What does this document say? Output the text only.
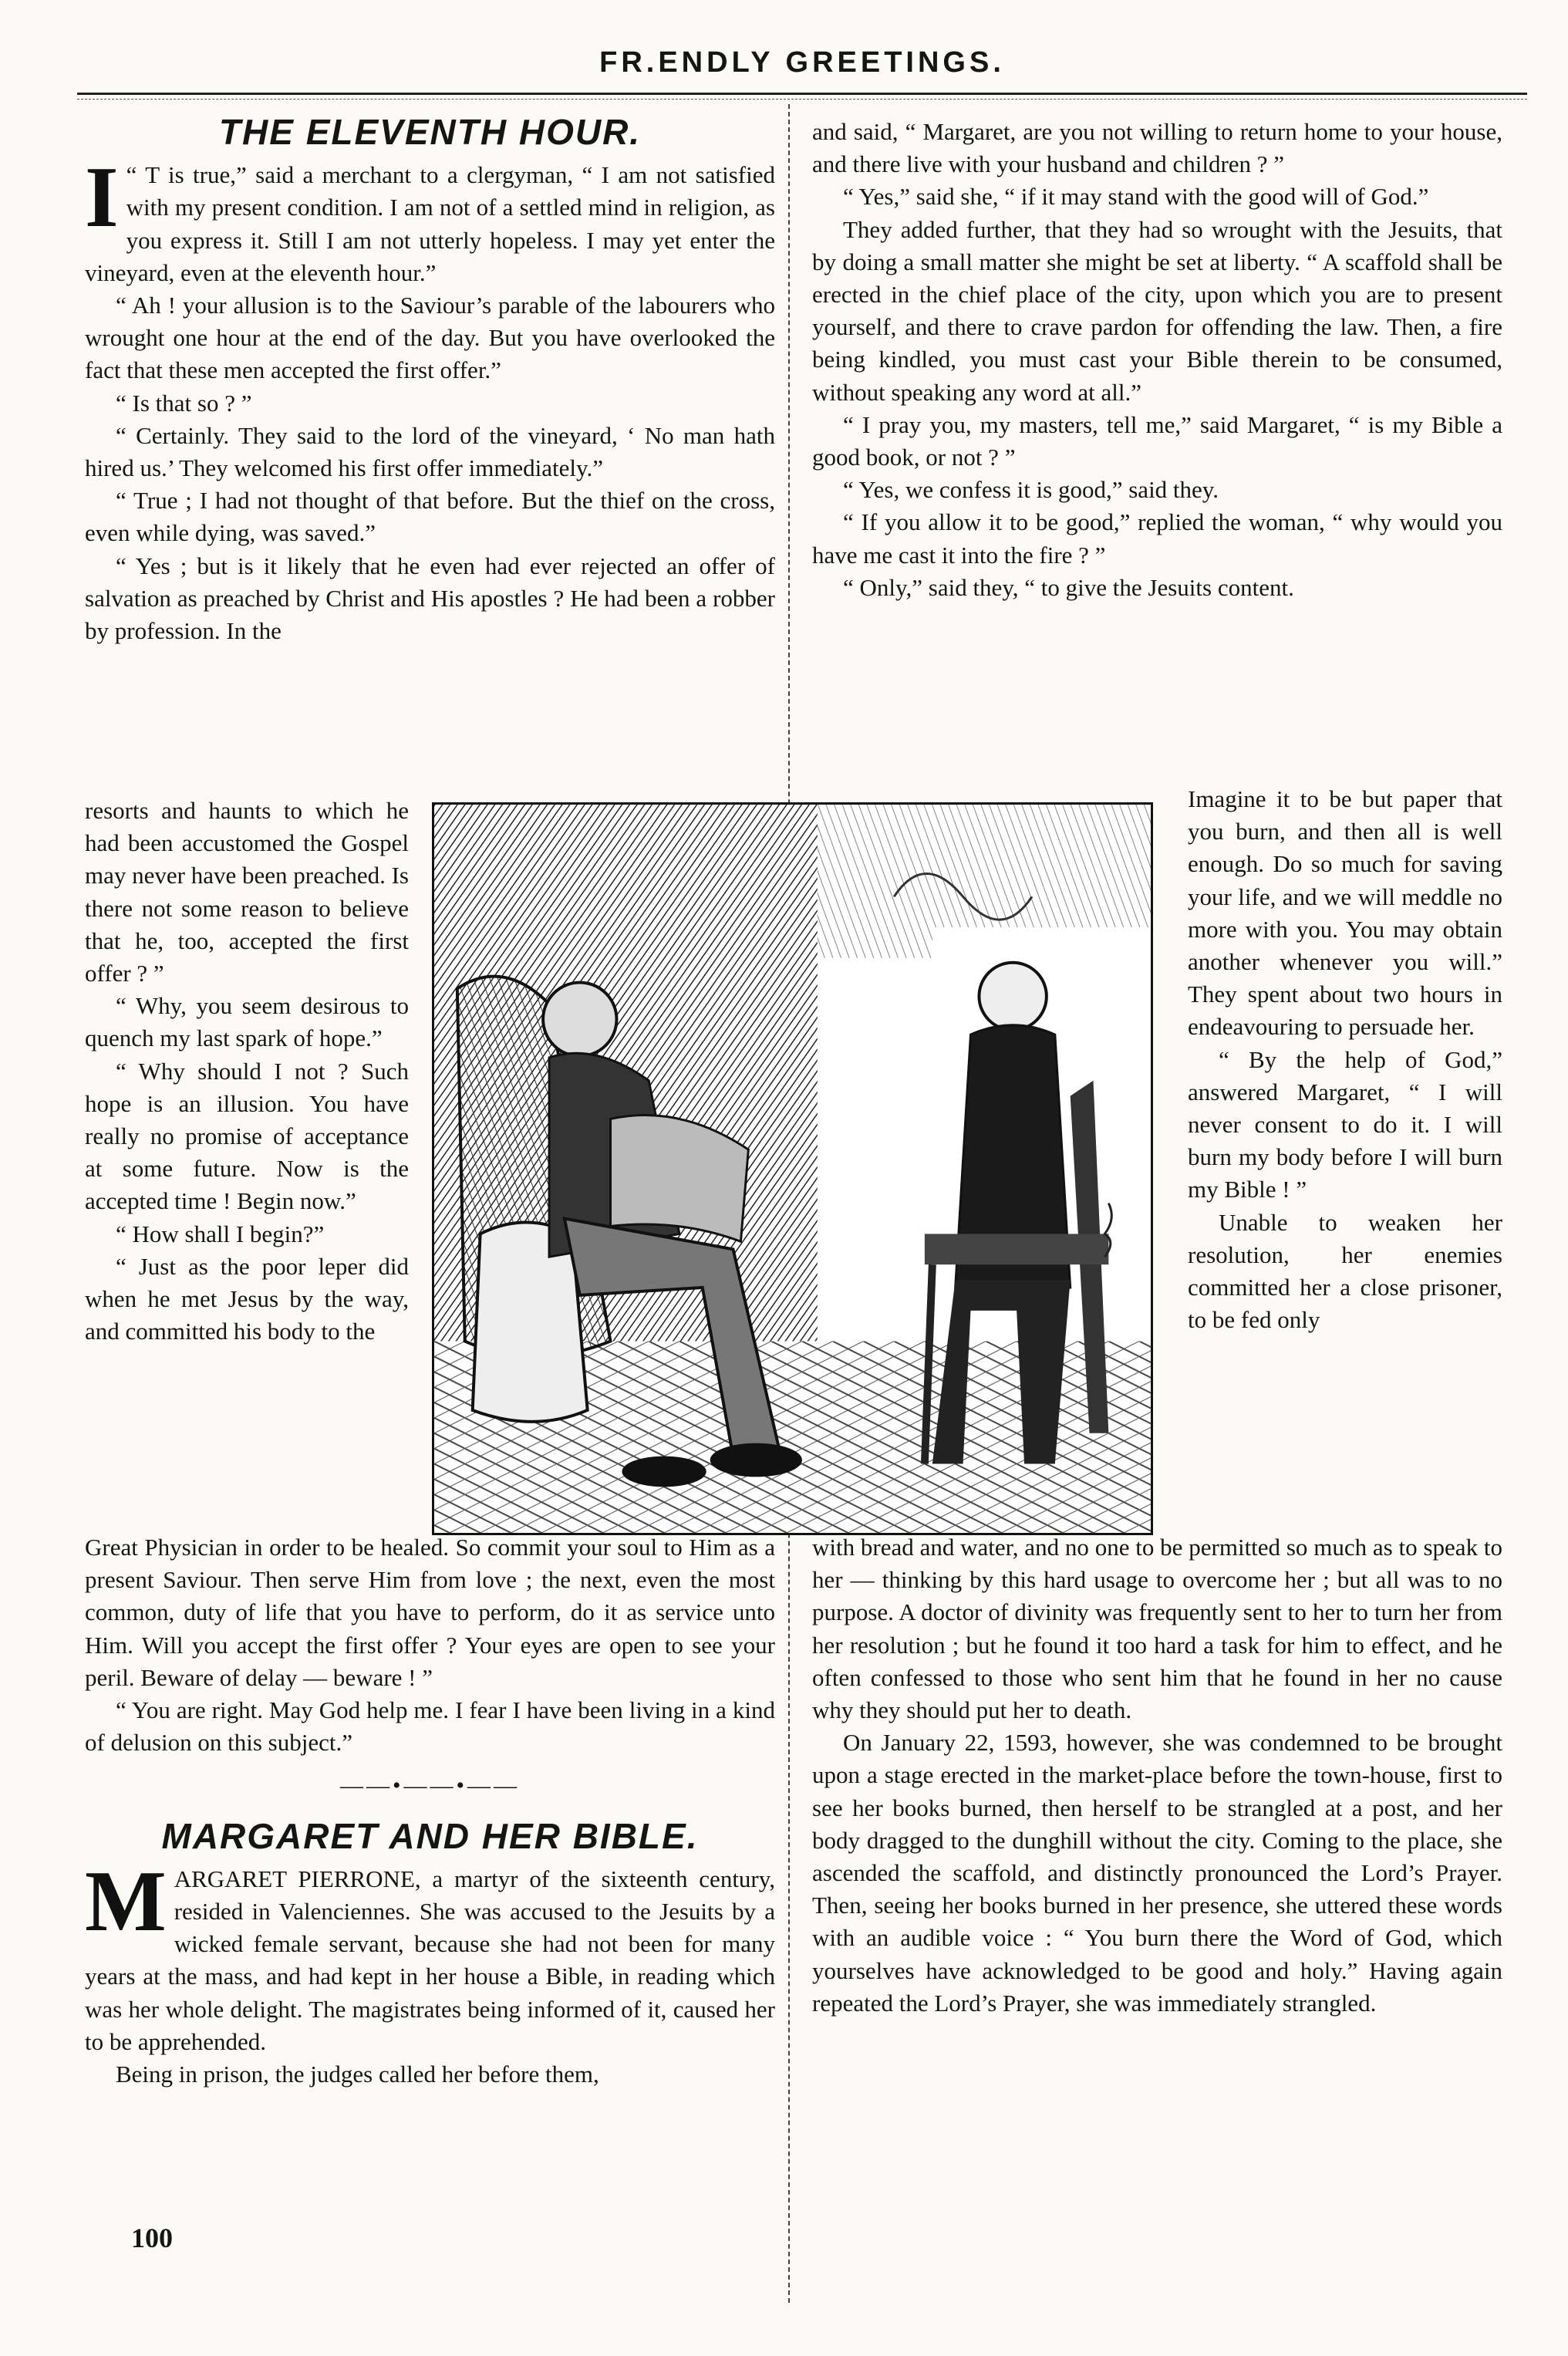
FR.ENDLY GREETINGS.
THE ELEVENTH HOUR.

I “ T is true,” said a merchant to a clergyman, “ I am not satisfied with my present condition. I am not of a settled mind in religion, as you express it. Still I am not utterly hopeless. I may yet enter the vineyard, even at the eleventh hour.”

“ Ah ! your allusion is to the Saviour’s parable of the labourers who wrought one hour at the end of the day. But you have overlooked the fact that these men accepted the first offer.”

“ Is that so ? ”

“ Certainly. They said to the lord of the vineyard, ‘ No man hath hired us.’ They welcomed his first offer immediately.”

“ True ; I had not thought of that before. But the thief on the cross, even while dying, was saved.”

“ Yes ; but is it likely that he even had ever rejected an offer of salvation as preached by Christ and His apostles ? He had been a robber by profession. In the

resorts and haunts to which he had been accustomed the Gospel may never have been preached. Is there not some reason to believe that he, too, accepted the first offer ? ”

“ Why, you seem desirous to quench my last spark of hope.”

“ Why should I not ? Such hope is an illusion. You have really no promise of acceptance at some future. Now is the accepted time ! Begin now.”

“ How shall I begin?”

“ Just as the poor leper did when he met Jesus by the way, and committed his body to the

Great Physician in order to be healed. So commit your soul to Him as a present Saviour. Then serve Him from love ; the next, even the most common, duty of life that you have to perform, do it as service unto Him. Will you accept the first offer ? Your eyes are open to see your peril. Beware of delay — beware ! ”

“ You are right. May God help me. I fear I have been living in a kind of delusion on this subject.”

——•——•——
MARGARET AND HER BIBLE.

MARGARET PIERRONE, a martyr of the sixteenth century, resided in Valenciennes. She was accused to the Jesuits by a wicked female servant, because she had not been for many years at the mass, and had kept in her house a Bible, in reading which was her whole delight. The magistrates being informed of it, caused her to be apprehended.

Being in prison, the judges called her before them,

and said, “ Margaret, are you not willing to return home to your house, and there live with your husband and children ? ”

“ Yes,” said she, “ if it may stand with the good will of God.”

They added further, that they had so wrought with the Jesuits, that by doing a small matter she might be set at liberty. “ A scaffold shall be erected in the chief place of the city, upon which you are to present yourself, and there to crave pardon for offending the law. Then, a fire being kindled, you must cast your Bible therein to be consumed, without speaking any word at all.”

“ I pray you, my masters, tell me,” said Margaret, “ is my Bible a good book, or not ? ”

“ Yes, we confess it is good,” said they.

“ If you allow it to be good,” replied the woman, “ why would you have me cast it into the fire ? ”

“ Only,” said they, “ to give the Jesuits content.

Imagine it to be but paper that you burn, and then all is well enough. Do so much for saving your life, and we will meddle no more with you. You may obtain another whenever you will.” They spent about two hours in endeavouring to persuade her.

“ By the help of God,” answered Margaret, “ I will never consent to do it. I will burn my body before I will burn my Bible ! ”

Unable to weaken her resolution, her enemies committed her a close prisoner, to be fed only

with bread and water, and no one to be permitted so much as to speak to her — thinking by this hard usage to overcome her ; but all was to no purpose. A doctor of divinity was frequently sent to her to turn her from her resolution ; but he found it too hard a task for him to effect, and he often confessed to those who sent him that he found in her no cause why they should put her to death.

On January 22, 1593, however, she was condemned to be brought upon a stage erected in the market-place before the town-house, first to see her books burned, then herself to be strangled at a post, and her body dragged to the dunghill without the city. Coming to the place, she ascended the scaffold, and distinctly pronounced the Lord’s Prayer. Then, seeing her books burned in her presence, she uttered these words with an audible voice : “ You burn there the Word of God, which yourselves have acknowledged to be good and holy.” Having again repeated the Lord’s Prayer, she was immediately strangled.

100
